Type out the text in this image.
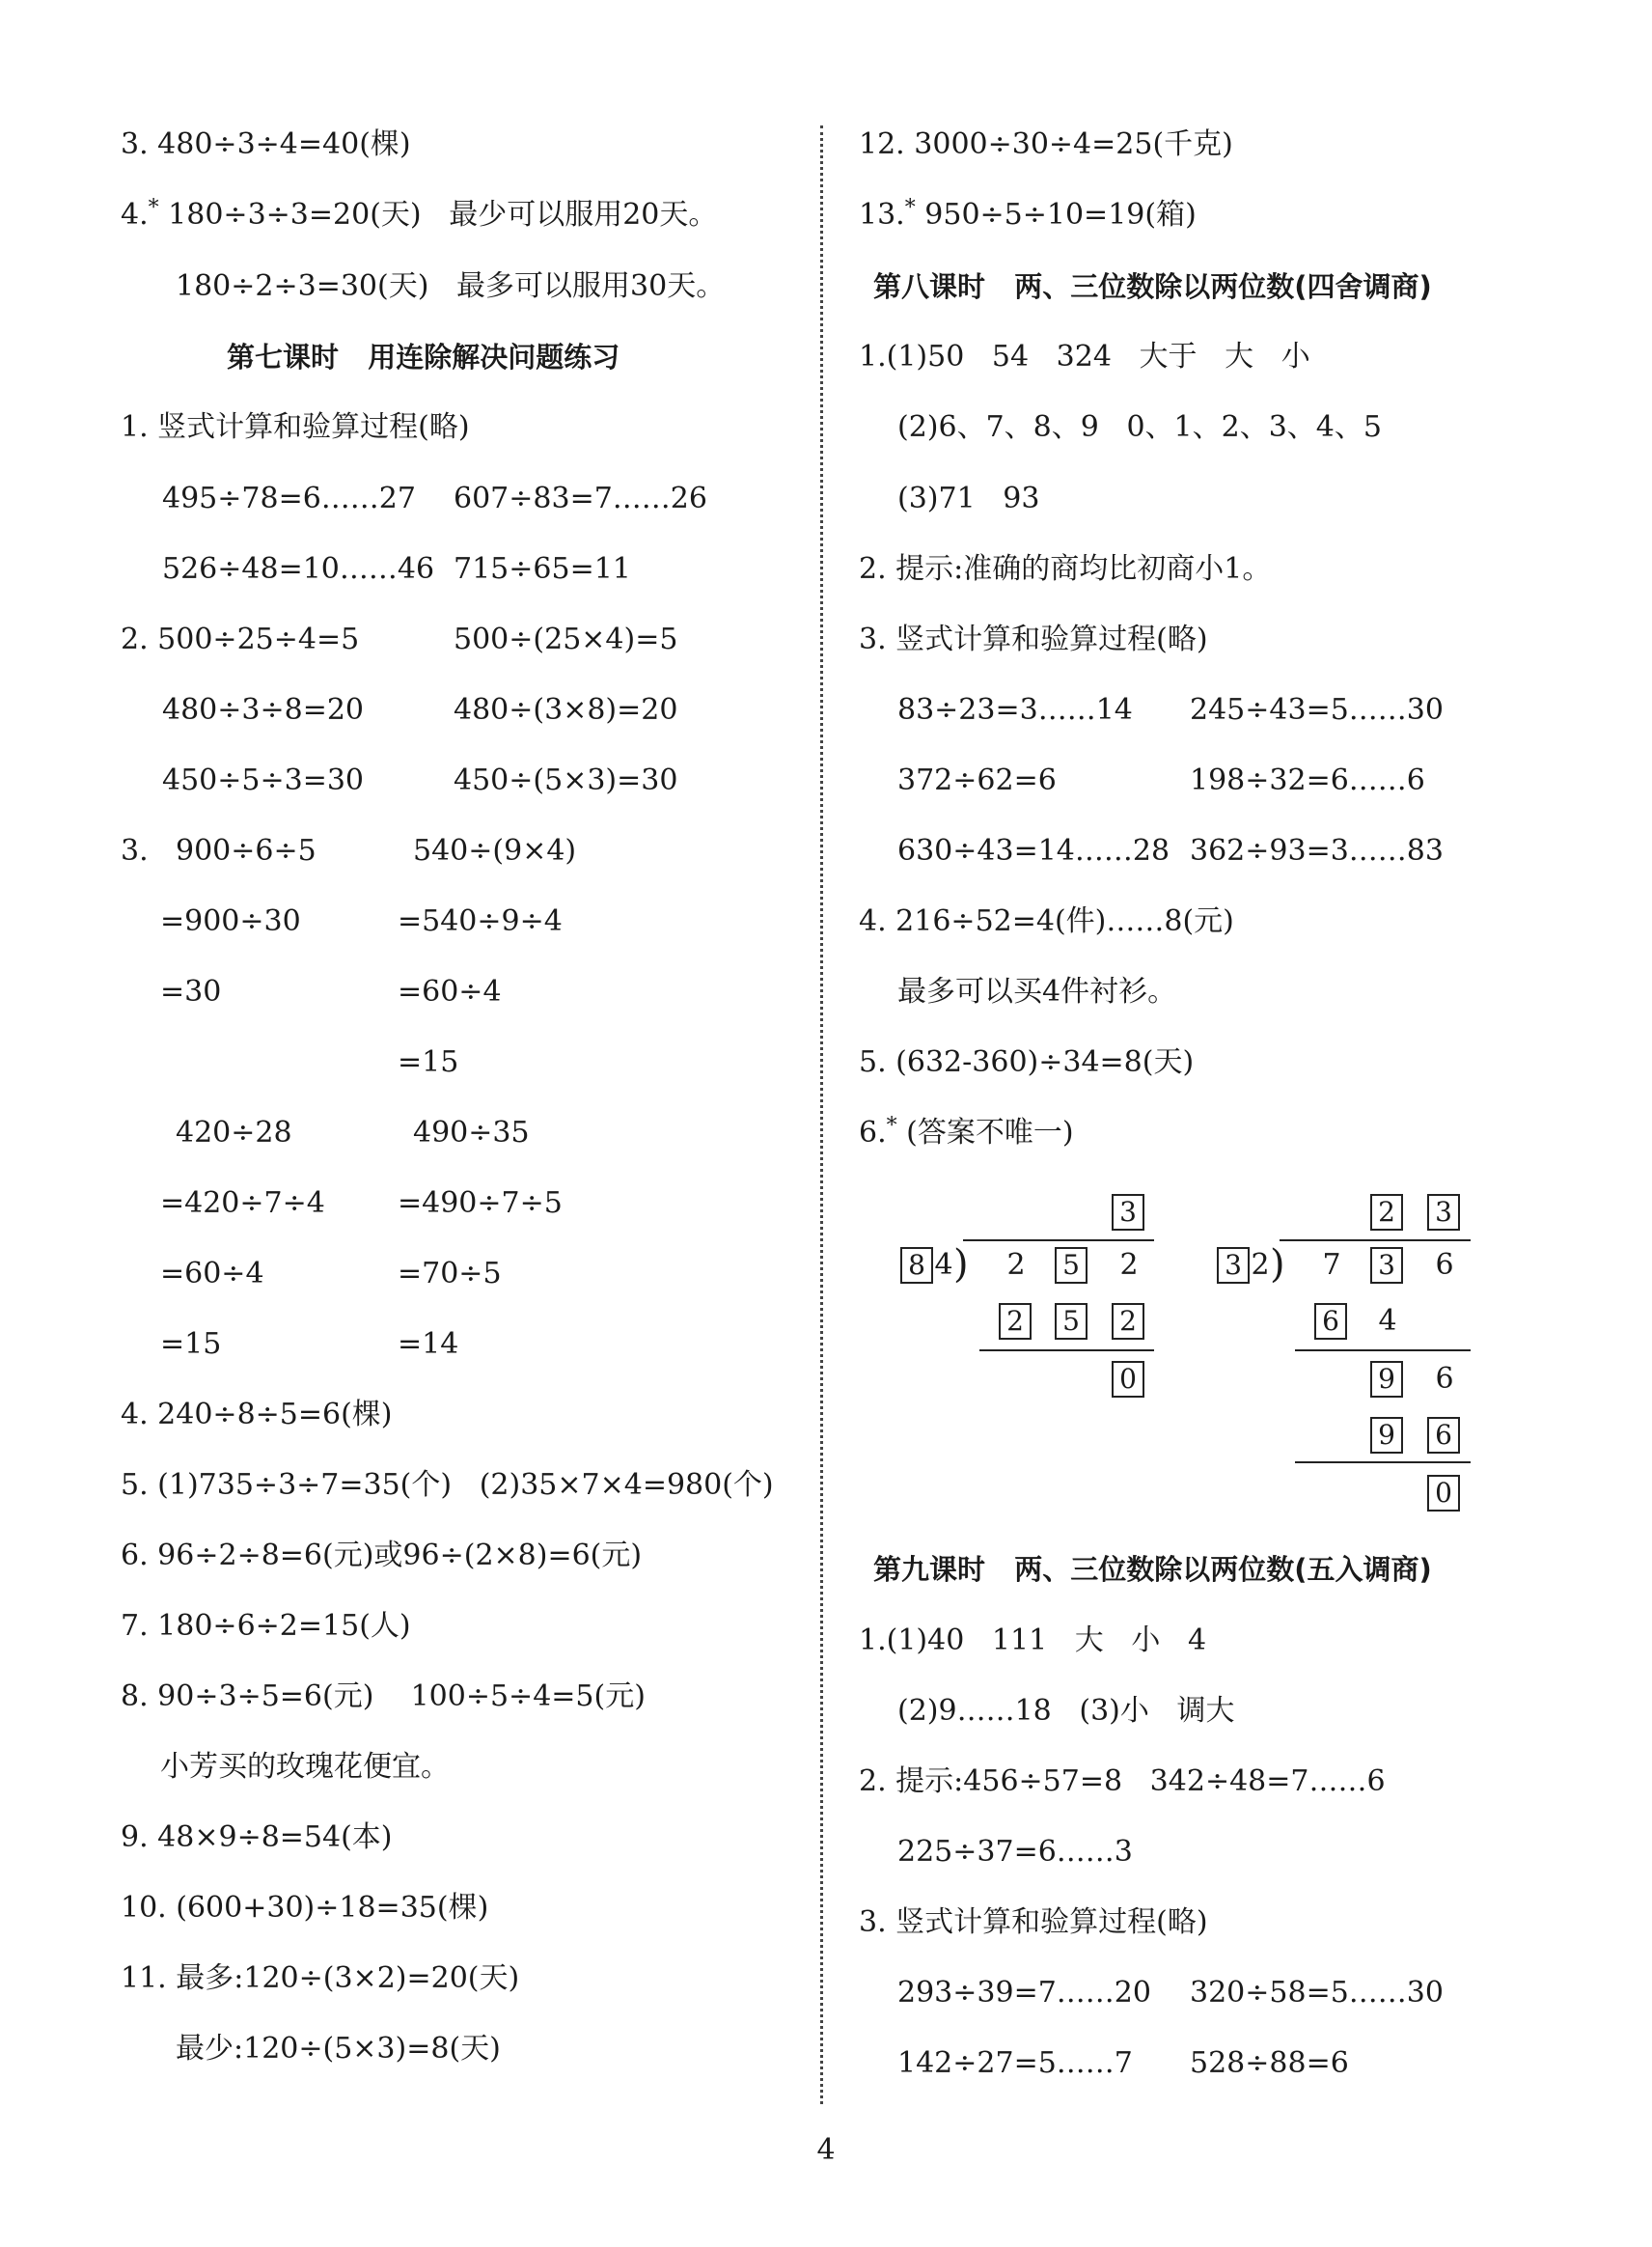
3. 480÷3÷4=40(棵)
4.* 180÷3÷3=20(天)   最少可以服用20天。
180÷2÷3=30(天)   最多可以服用30天。
第七课时   用连除解决问题练习
1. 竖式计算和验算过程(略)
495÷78=6……27 607÷83=7……26
526÷48=10……46 715÷65=11
2. 500÷25÷4=5	500÷(25×4)=5
480÷3÷8=20	480÷(3×8)=20
450÷5÷3=30	450÷(5×3)=30
3. 900÷6÷5
=900÷30
=30
540÷(9×4)
=540÷9÷4
=60÷4
=15
420÷28
=420÷7÷4
=60÷4
=15
490÷35
=490÷7÷5
=70÷5
=14
4. 240÷8÷5=6(棵)
5. (1)735÷3÷7=35(个)   (2)35×7×4=980(个)
6. 96÷2÷8=6(元)或96÷(2×8)=6(元)
7. 180÷6÷2=15(人)
8. 90÷3÷5=6(元)    100÷5÷4=5(元)
小芳买的玫瑰花便宜。
9. 48×9÷8=54(本)
10. (600+30)÷18=35(棵)
11. 最多:120÷(3×2)=20(天)
最少:120÷(5×3)=8(天)
12. 3000÷30÷4=25(千克)
13.* 950÷5÷10=19(箱)
第八课时   两、三位数除以两位数(四舍调商)
1.(1)50   54   324   大于   大   小
(2)6、7、8、9   0、1、2、3、4、5
(3)71   93
2. 提示:准确的商均比初商小1。
3. 竖式计算和验算过程(略)
83÷23=3……14 245÷43=5……30
372÷62=6	198÷32=6……6
630÷43=14……28 362÷93=3……83
4. 216÷52=4(件)……8(元)
最多可以买4件衬衫。
5. (632-360)÷34=8(天)
6.* (答案不唯一)
3
8 4 ) 2	5 2
2 5 2
0
2 3
3 2 ) 7	3 6
6 4
9 6
9 6
0
第九课时   两、三位数除以两位数(五入调商)
1.(1)40   111   大   小   4
(2)9……18   (3)小   调大
2. 提示:456÷57=8   342÷48=7……6
225÷37=6……3
3. 竖式计算和验算过程(略)
293÷39=7……20 320÷58=5……30
142÷27=5……7 528÷88=6
4
